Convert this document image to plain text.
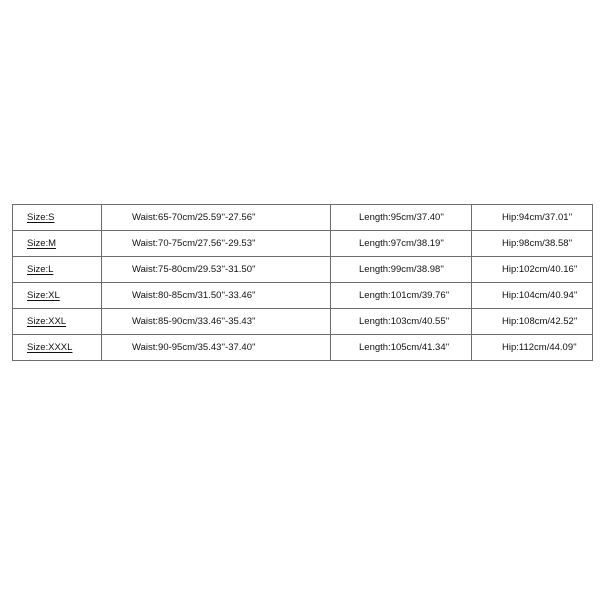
Size:S	Waist:65-70cm/25.59''-27.56''	Length:95cm/37.40''	Hip:94cm/37.01''

Size:M	Waist:70-75cm/27.56''-29.53''	Length:97cm/38.19''	Hip:98cm/38.58''

Size:L	Waist:75-80cm/29.53''-31.50''	Length:99cm/38.98''	Hip:102cm/40.16''

Size:XL	Waist:80-85cm/31.50''-33.46''	Length:101cm/39.76''	Hip:104cm/40.94''

Size:XXL	Waist:85-90cm/33.46''-35.43''	Length:103cm/40.55''	Hip:108cm/42.52''

Size:XXXL	Waist:90-95cm/35.43''-37.40''	Length:105cm/41.34''	Hip:112cm/44.09''
